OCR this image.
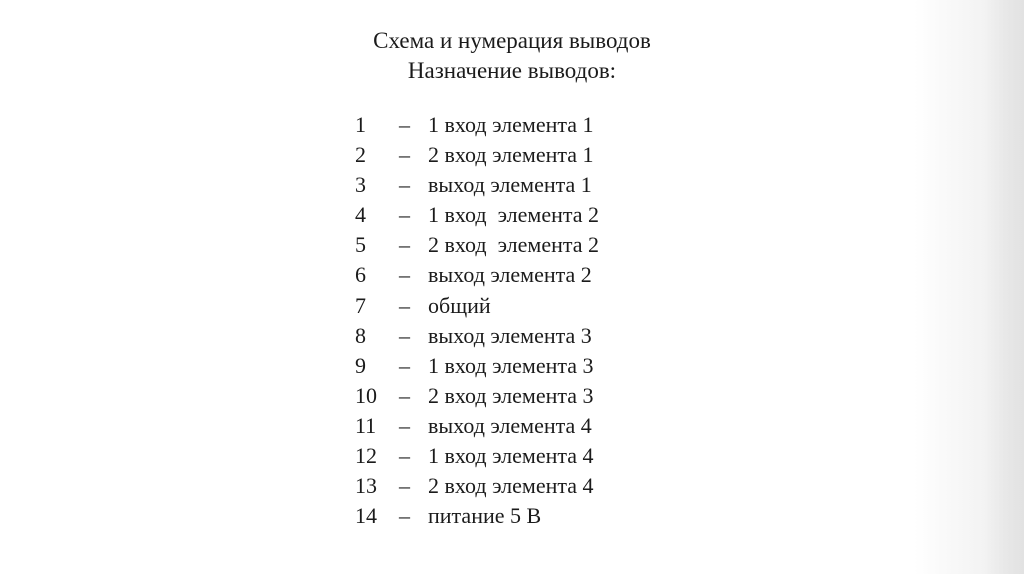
Схема и нумерация выводов
Назначение выводов:
1 – 1 вход элемента 1
2 – 2 вход элемента 1
3 – выход элемента 1
4 – 1 вход  элемента 2
5 – 2 вход  элемента 2
6 – выход элемента 2
7 – общий
8 – выход элемента 3
9 – 1 вход элемента 3
10 – 2 вход элемента 3
11 – выход элемента 4
12 – 1 вход элемента 4
13 – 2 вход элемента 4
14 – питание 5 В
